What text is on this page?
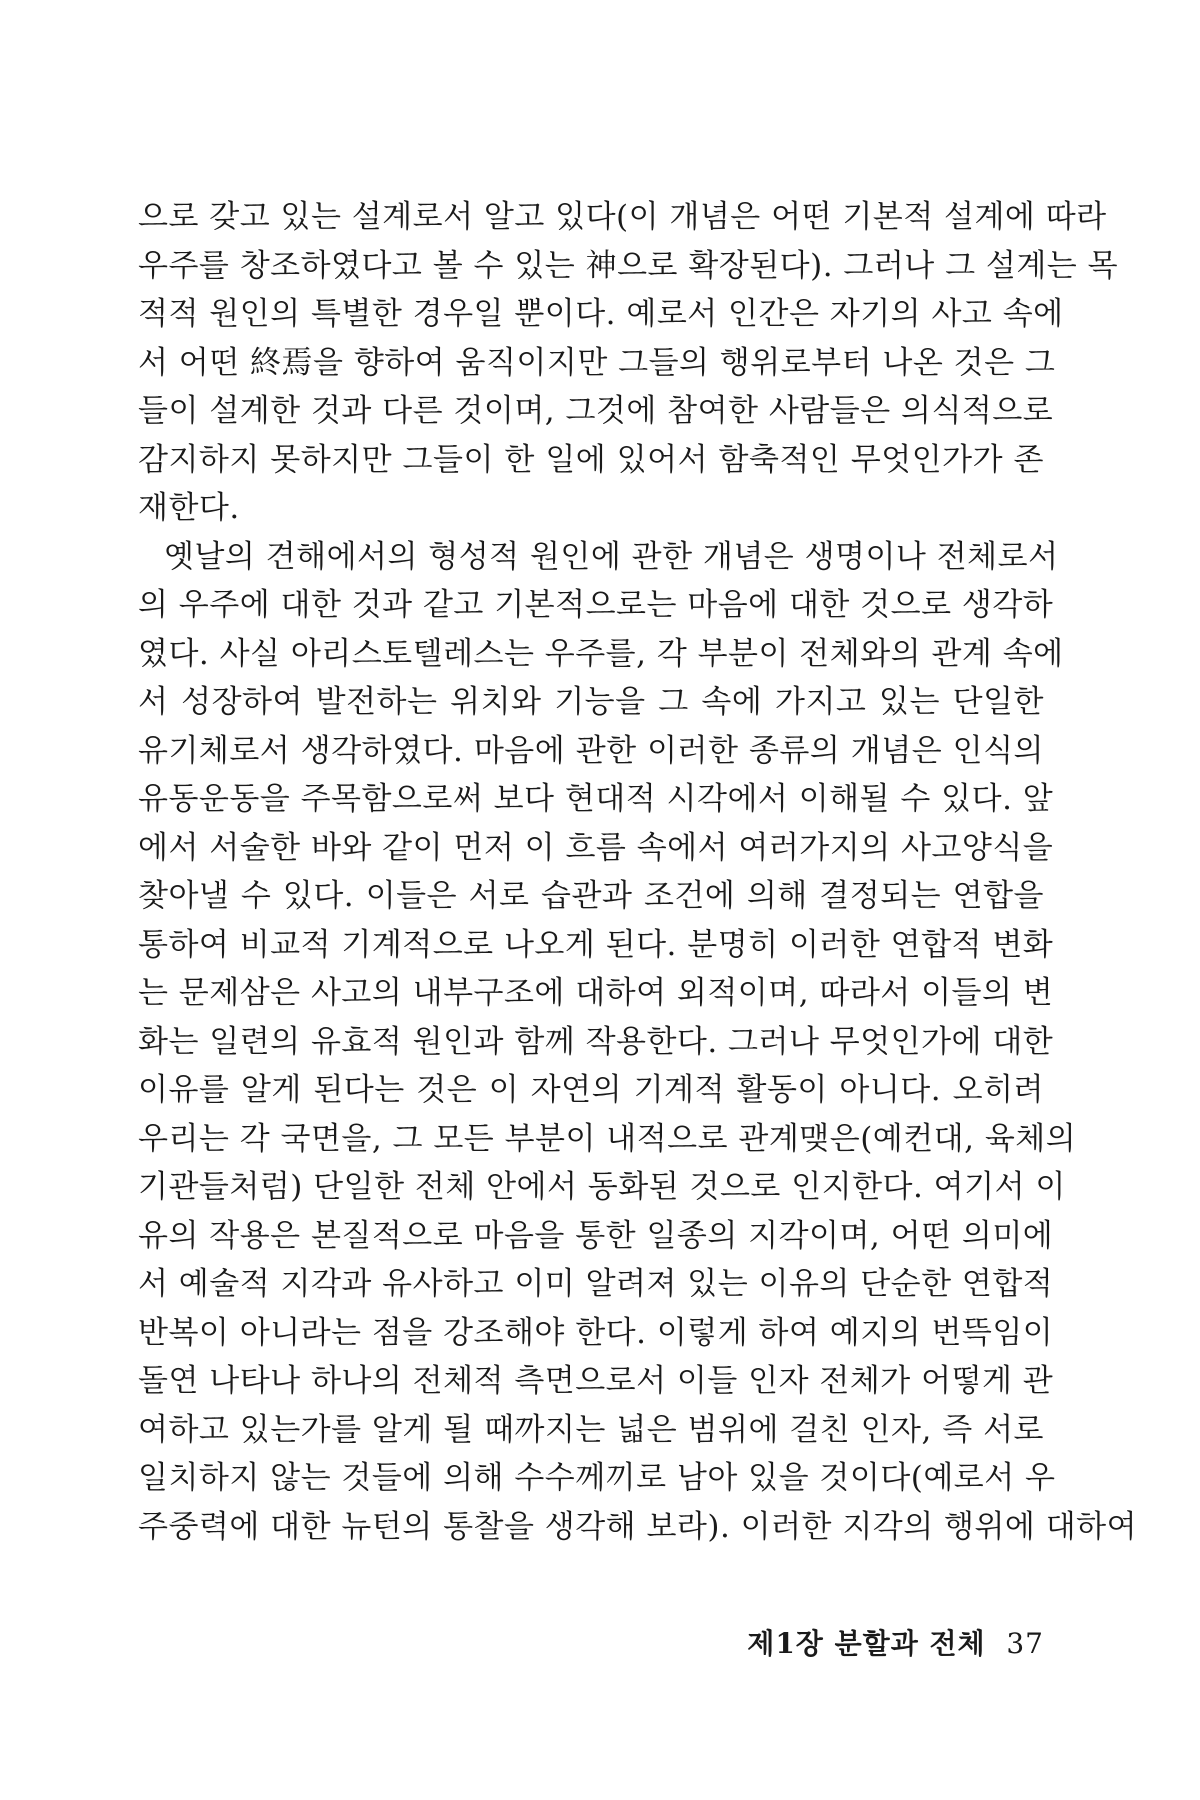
으로 갖고 있는 설계로서 알고 있다(이 개념은 어떤 기본적 설계에 따라
우주를 창조하였다고 볼 수 있는 神으로 확장된다). 그러나 그 설계는 목
적적 원인의 특별한 경우일 뿐이다. 예로서 인간은 자기의 사고 속에
서 어떤 終焉을 향하여 움직이지만 그들의 행위로부터 나온 것은 그
들이 설계한 것과 다른 것이며, 그것에 참여한 사람들은 의식적으로
감지하지 못하지만 그들이 한 일에 있어서 함축적인 무엇인가가 존
재한다.
옛날의 견해에서의 형성적 원인에 관한 개념은 생명이나 전체로서
의 우주에 대한 것과 같고 기본적으로는 마음에 대한 것으로 생각하
였다. 사실 아리스토텔레스는 우주를, 각 부분이 전체와의 관계 속에
서 성장하여 발전하는 위치와 기능을 그 속에 가지고 있는 단일한
유기체로서 생각하였다. 마음에 관한 이러한 종류의 개념은 인식의
유동운동을 주목함으로써 보다 현대적 시각에서 이해될 수 있다. 앞
에서 서술한 바와 같이 먼저 이 흐름 속에서 여러가지의 사고양식을
찾아낼 수 있다. 이들은 서로 습관과 조건에 의해 결정되는 연합을
통하여 비교적 기계적으로 나오게 된다. 분명히 이러한 연합적 변화
는 문제삼은 사고의 내부구조에 대하여 외적이며, 따라서 이들의 변
화는 일련의 유효적 원인과 함께 작용한다. 그러나 무엇인가에 대한
이유를 알게 된다는 것은 이 자연의 기계적 활동이 아니다. 오히려
우리는 각 국면을, 그 모든 부분이 내적으로 관계맺은(예컨대, 육체의
기관들처럼) 단일한 전체 안에서 동화된 것으로 인지한다. 여기서 이
유의 작용은 본질적으로 마음을 통한 일종의 지각이며, 어떤 의미에
서 예술적 지각과 유사하고 이미 알려져 있는 이유의 단순한 연합적
반복이 아니라는 점을 강조해야 한다. 이렇게 하여 예지의 번뜩임이
돌연 나타나 하나의 전체적 측면으로서 이들 인자 전체가 어떻게 관
여하고 있는가를 알게 될 때까지는 넓은 범위에 걸친 인자, 즉 서로
일치하지 않는 것들에 의해 수수께끼로 남아 있을 것이다(예로서 우
주중력에 대한 뉴턴의 통찰을 생각해 보라). 이러한 지각의 행위에 대하여
제1장 분할과 전체 37
